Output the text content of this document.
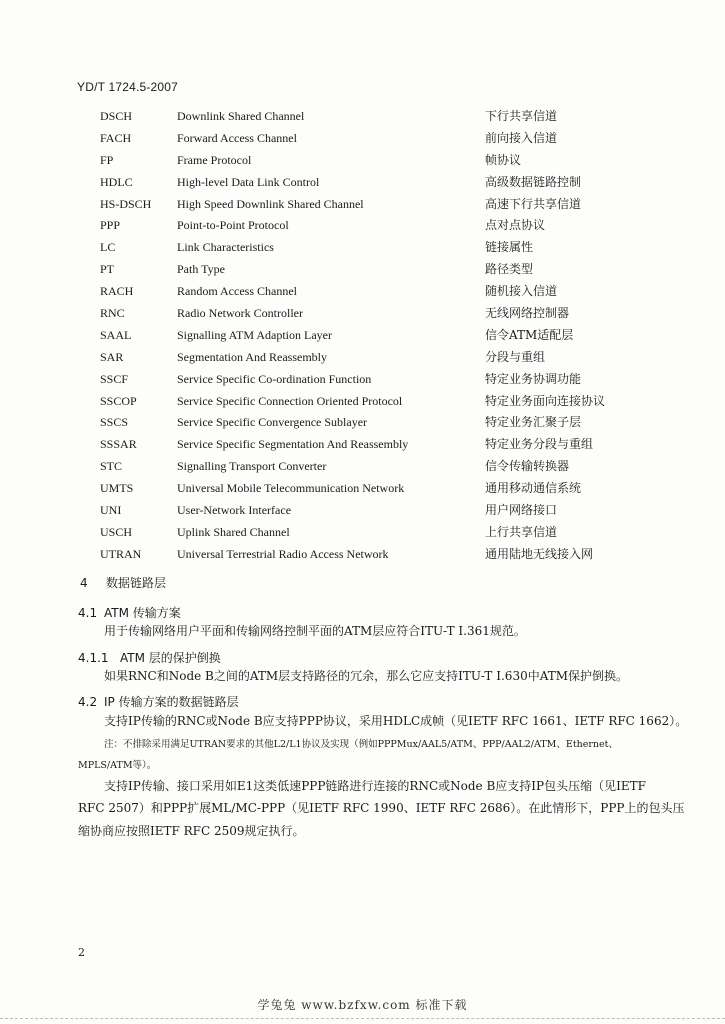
YD/T 1724.5-2007
DSCH	Downlink Shared Channel	下行共享信道
FACH	Forward Access Channel	前向接入信道
FP	Frame Protocol	帧协议
HDLC	High-level Data Link Control	高级数据链路控制
HS-DSCH High Speed Downlink Shared Channel	高速下行共享信道
PPP	Point-to-Point Protocol	点对点协议
LC	Link Characteristics	链接属性
PT	Path Type	路径类型
RACH	Random Access Channel	随机接入信道
RNC	Radio Network Controller	无线网络控制器
SAAL	Signalling ATM Adaption Layer	信令ATM适配层
SAR	Segmentation And Reassembly	分段与重组
SSCF	Service Specific Co-ordination Function	特定业务协调功能
SSCOP	Service Specific Connection Oriented Protocol	特定业务面向连接协议
SSCS	Service Specific Convergence Sublayer	特定业务汇聚子层
SSSAR	Service Specific Segmentation And Reassembly	特定业务分段与重组
STC	Signalling Transport Converter	信令传输转换器
UMTS	Universal Mobile Telecommunication Network	通用移动通信系统
UNI	User-Network Interface	用户网络接口
USCH	Uplink Shared Channel	上行共享信道
UTRAN	Universal Terrestrial Radio Access Network	通用陆地无线接入网
4 数据链路层
4.1 ATM 传输方案
用于传输网络用户平面和传输网络控制平面的ATM层应符合ITU-T I.361规范。
4.1.1 ATM 层的保护倒换
如果RNC和Node B之间的ATM层支持路径的冗余，那么它应支持ITU-T I.630中ATM保护倒换。
4.2 IP 传输方案的数据链路层
支持IP传输的RNC或Node B应支持PPP协议，采用HDLC成帧（见IETF RFC 1661、IETF RFC 1662）。
注：不排除采用满足UTRAN要求的其他L2/L1协议及实现（例如PPPMux/AAL5/ATM、PPP/AAL2/ATM、Ethernet、
MPLS/ATM等）。
支持IP传输、接口采用如E1这类低速PPP链路进行连接的RNC或Node B应支持IP包头压缩（见IETF
RFC 2507）和PPP扩展ML/MC-PPP（见IETF RFC 1990、IETF RFC 2686）。在此情形下，PPP上的包头压
缩协商应按照IETF RFC 2509规定执行。
2
学兔兔 www.bzfxw.com 标准下载
